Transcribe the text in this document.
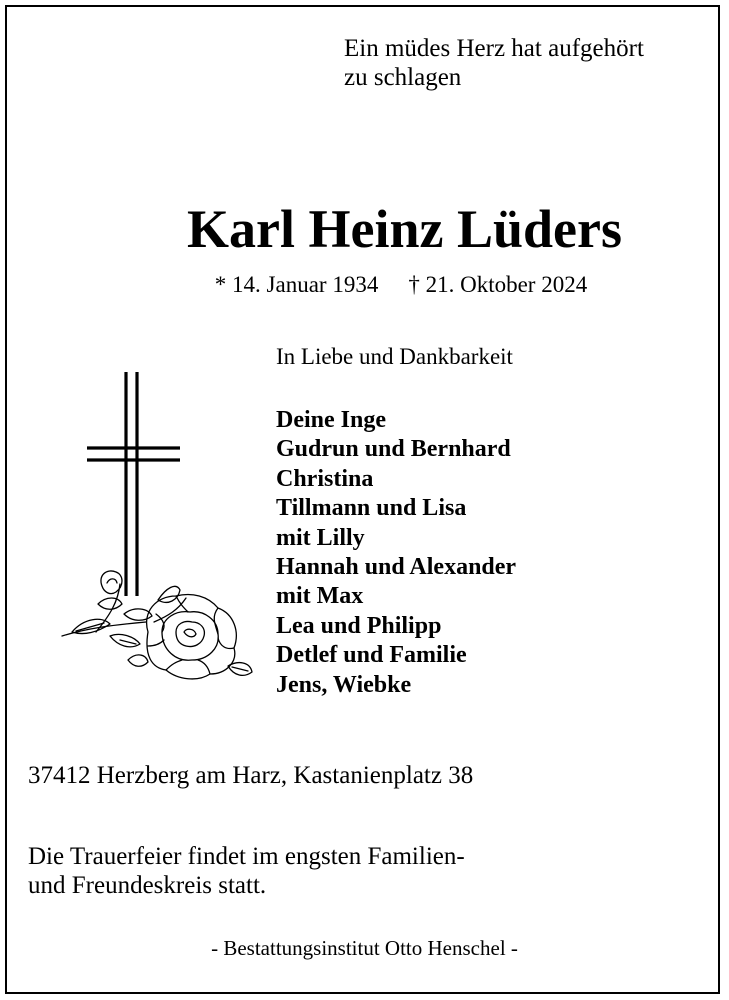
Ein müdes Herz hat aufgehört
zu schlagen
Karl Heinz Lüders
* 14. Januar 1934 † 21. Oktober 2024
In Liebe und Dankbarkeit
Deine Inge
Gudrun und Bernhard
Christina
Tillmann und Lisa
mit Lilly
Hannah und Alexander
mit Max
Lea und Philipp
Detlef und Familie
Jens, Wiebke
37412 Herzberg am Harz, Kastanienplatz 38
Die Trauerfeier findet im engsten Familien-
und Freundeskreis statt.
- Bestattungsinstitut Otto Henschel -
